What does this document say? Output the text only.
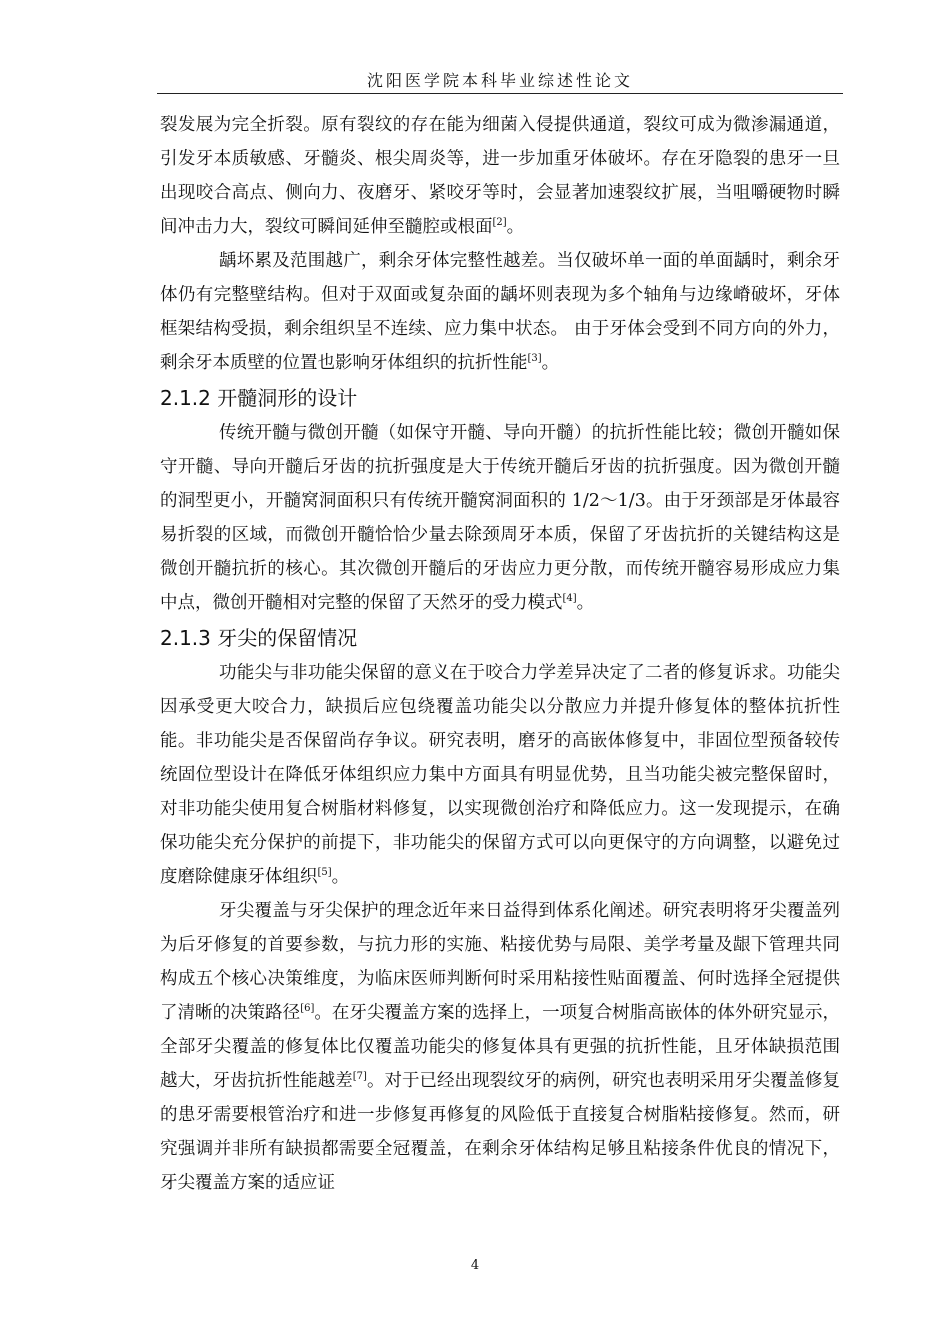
沈阳医学院本科毕业综述性论文

裂发展为完全折裂。原有裂纹的存在能为细菌入侵提供通道，裂纹可成为微渗漏通道，引发牙本质敏感、牙髓炎、根尖周炎等，进一步加重牙体破坏。存在牙隐裂的患牙一旦出现咬合高点、侧向力、夜磨牙、紧咬牙等时，会显著加速裂纹扩展，当咀嚼硬物时瞬间冲击力大，裂纹可瞬间延伸至髓腔或根面[2]。

龋坏累及范围越广，剩余牙体完整性越差。当仅破坏单一面的单面龋时，剩余牙体仍有完整壁结构。但对于双面或复杂面的龋坏则表现为多个轴角与边缘嵴破坏，牙体框架结构受损，剩余组织呈不连续、应力集中状态。 由于牙体会受到不同方向的外力，剩余牙本质壁的位置也影响牙体组织的抗折性能[3]。

2.1.2 开髓洞形的设计

传统开髓与微创开髓（如保守开髓、导向开髓）的抗折性能比较；微创开髓如保守开髓、导向开髓后牙齿的抗折强度是大于传统开髓后牙齿的抗折强度。因为微创开髓的洞型更小，开髓窝洞面积只有传统开髓窝洞面积的 1/2～1/3。由于牙颈部是牙体最容易折裂的区域，而微创开髓恰恰少量去除颈周牙本质，保留了牙齿抗折的关键结构这是微创开髓抗折的核心。其次微创开髓后的牙齿应力更分散，而传统开髓容易形成应力集中点，微创开髓相对完整的保留了天然牙的受力模式[4]。

2.1.3 牙尖的保留情况

功能尖与非功能尖保留的意义在于咬合力学差异决定了二者的修复诉求。功能尖因承受更大咬合力，缺损后应包绕覆盖功能尖以分散应力并提升修复体的整体抗折性能。非功能尖是否保留尚存争议。研究表明，磨牙的高嵌体修复中，非固位型预备较传统固位型设计在降低牙体组织应力集中方面具有明显优势，且当功能尖被完整保留时，对非功能尖使用复合树脂材料修复，以实现微创治疗和降低应力。这一发现提示，在确保功能尖充分保护的前提下，非功能尖的保留方式可以向更保守的方向调整，以避免过度磨除健康牙体组织[5]。

牙尖覆盖与牙尖保护的理念近年来日益得到体系化阐述。研究表明将牙尖覆盖列为后牙修复的首要参数，与抗力形的实施、粘接优势与局限、美学考量及龈下管理共同构成五个核心决策维度，为临床医师判断何时采用粘接性贴面覆盖、何时选择全冠提供了清晰的决策路径[6]。在牙尖覆盖方案的选择上，一项复合树脂高嵌体的体外研究显示，全部牙尖覆盖的修复体比仅覆盖功能尖的修复体具有更强的抗折性能，且牙体缺损范围越大，牙齿抗折性能越差[7]。对于已经出现裂纹牙的病例，研究也表明采用牙尖覆盖修复的患牙需要根管治疗和进一步修复再修复的风险低于直接复合树脂粘接修复。然而，研究强调并非所有缺损都需要全冠覆盖，在剩余牙体结构足够且粘接条件优良的情况下，牙尖覆盖方案的适应证

4
